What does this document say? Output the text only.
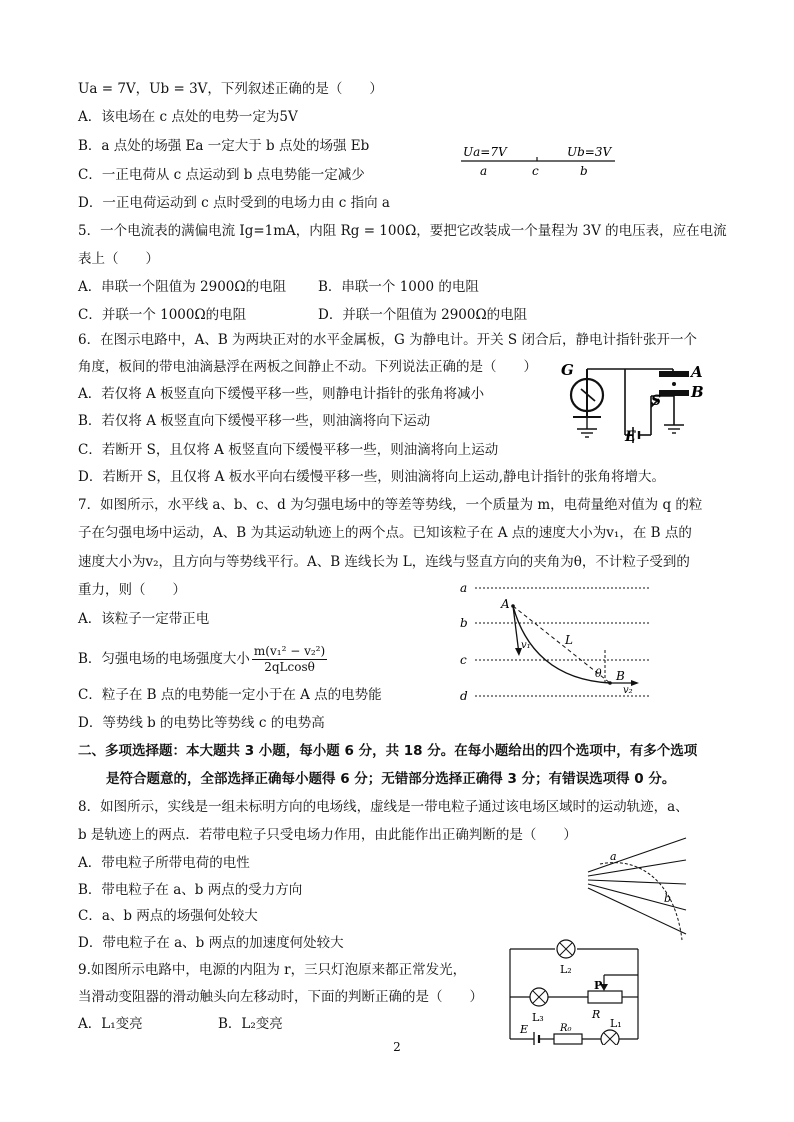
Ua = 7V，Ub = 3V，下列叙述正确的是（　　）
A．该电场在 c 点处的电势一定为5V
B．a 点处的场强 Ea 一定大于 b 点处的场强 Eb
C．一正电荷从 c 点运动到 b 点电势能一定减少
D．一正电荷运动到 c 点时受到的电场力由 c 指向 a
Ua=7V	Ub=3V
a	c	b
5．一个电流表的满偏电流 Ig=1mA，内阻 Rg = 100Ω，要把它改装成一个量程为 3V 的电压表，应在电流
表上（　　）
A．串联一个阻值为 2900Ω的电阻 B．串联一个 1000 的电阻
C．并联一个 1000Ω的电阻	D．并联一个阻值为 2900Ω的电阻
6．在图示电路中，A、B 为两块正对的水平金属板，G 为静电计。开关 S 闭合后，静电计指针张开一个
角度，板间的带电油滴悬浮在两板之间静止不动。下列说法正确的是（　　）
A．若仅将 A 板竖直向下缓慢平移一些，则静电计指针的张角将减小
B．若仅将 A 板竖直向下缓慢平移一些，则油滴将向下运动
C．若断开 S，且仅将 A 板竖直向下缓慢平移一些，则油滴将向上运动
D．若断开 S，且仅将 A 板水平向右缓慢平移一些，则油滴将向上运动,静电计指针的张角将增大。
G	A
B
S
E
7．如图所示，水平线 a、b、c、d 为匀强电场中的等差等势线，一个质量为 m，电荷量绝对值为 q 的粒
子在匀强电场中运动，A、B 为其运动轨迹上的两个点。已知该粒子在 A 点的速度大小为v₁，在 B 点的
速度大小为v₂，且方向与等势线平行。A、B 连线长为 L，连线与竖直方向的夹角为θ，不计粒子受到的
重力，则（　　）
A．该粒子一定带正电
B．匀强电场的电场强度大小 $\frac{\text{m(v₁² − v₂²)}}{2qLcos\theta}$
C．粒子在 B 点的电势能一定小于在 A 点的电势能
D．等势线 b 的电势比等势线 c 的电势高
a
b
c
d
A
B
L
v₁
v₂
θ
二、多项选择题：本大题共 3 小题，每小题 6 分，共 18 分。在每小题给出的四个选项中，有多个选项
是符合题意的，全部选择正确每小题得 6 分；无错部分选择正确得 3 分；有错误选项得 0 分。
8．如图所示，实线是一组未标明方向的电场线，虚线是一带电粒子通过该电场区域时的运动轨迹，a、
b 是轨迹上的两点．若带电粒子只受电场力作用，由此能作出正确判断的是（　　）
A．带电粒子所带电荷的电性
B．带电粒子在 a、b 两点的受力方向
C．a、b 两点的场强何处较大
D．带电粒子在 a、b 两点的加速度何处较大
a
b
9.如图所示电路中，电源的内阻为 r，三只灯泡原来都正常发光，
当滑动变阻器的滑动触头向左移动时，下面的判断正确的是（　　）
A．L₁变亮	B．L₂变亮
L₂
L₃
P
R
E	R₀	L₁
2
